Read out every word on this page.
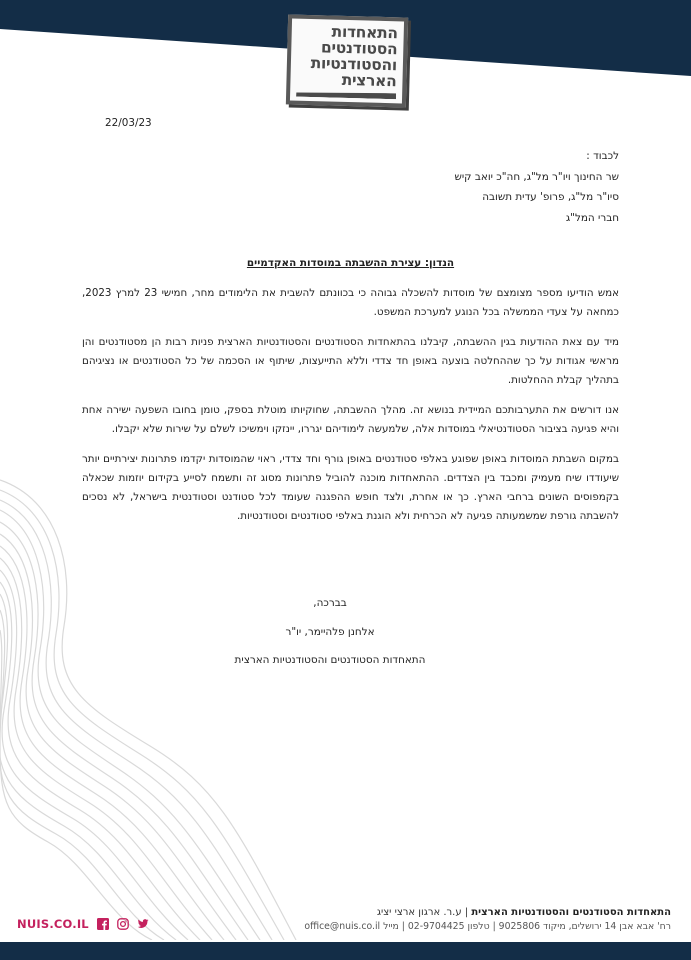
התאחדות
הסטודנטים
והסטודנטיות
הארצית
22/03/23
לכבוד :
שר החינוך ויו"ר מל"ג, חה"כ יואב קיש
סיו"ר מל"ג, פרופ' עדית תשובה
חברי המל"ג
הנדון: עצירת ההשבתה במוסדות האקדמיים

אמש הודיעו מספר מצומצם של מוסדות להשכלה גבוהה כי בכוונתם להשבית את הלימודים מחר, חמישי 23 למרץ 2023, כמחאה על צעדי הממשלה בכל הנוגע למערכת המשפט.

מיד עם צאת ההודעות בגין ההשבתה, קיבלנו בהתאחדות הסטודנטים והסטודנטיות הארצית פניות רבות הן מסטודנטים והן מראשי אגודות על כך שההחלטה בוצעה באופן חד צדדי וללא התייעצות, שיתוף או הסכמה של כל הסטודנטים או נציגיהם בתהליך קבלת ההחלטות.

אנו דורשים את התערבותכם המיידית בנושא זה. מהלך ההשבתה, שחוקיותו מוטלת בספק, טומן בחובו השפעה ישירה אחת והיא פגיעה בציבור הסטודנטיאלי במוסדות אלה, שלמעשה לימודיהם יגררו, יינזקו וימשיכו לשלם על שירות שלא יקבלו.

במקום השבתת המוסדות באופן שפוגע באלפי סטודנטים באופן גורף וחד צדדי, ראוי שהמוסדות יקדמו פתרונות יצירתיים יותר שיעודדו שיח מעמיק ומכבד בין הצדדים. ההתאחדות מוכנה להוביל פתרונות מסוג זה ותשמח לסייע בקידום יוזמות שכאלה בקמפוסים השונים ברחבי הארץ. כך או אחרת, ולצד חופש ההפגנה שעומד לכל סטודנט וסטודנטית בישראל, לא נסכים להשבתה גורפת שמשמעותה פגיעה לא הכרחית ולא הוגנת באלפי סטודנטים וסטודנטיות.

בברכה,
אלחנן פלהיימר, יו"ר
התאחדות הסטודנטים והסטודנטיות הארצית
התאחדות הסטודנטים והסטודנטיות הארצית | ע.ר. ארגון ארצי יציג
רח' אבא אבן 14 ירושלים, מיקוד 9025806 | טלפון 02-9704425 | מייל office@nuis.co.il
NUIS.CO.IL
